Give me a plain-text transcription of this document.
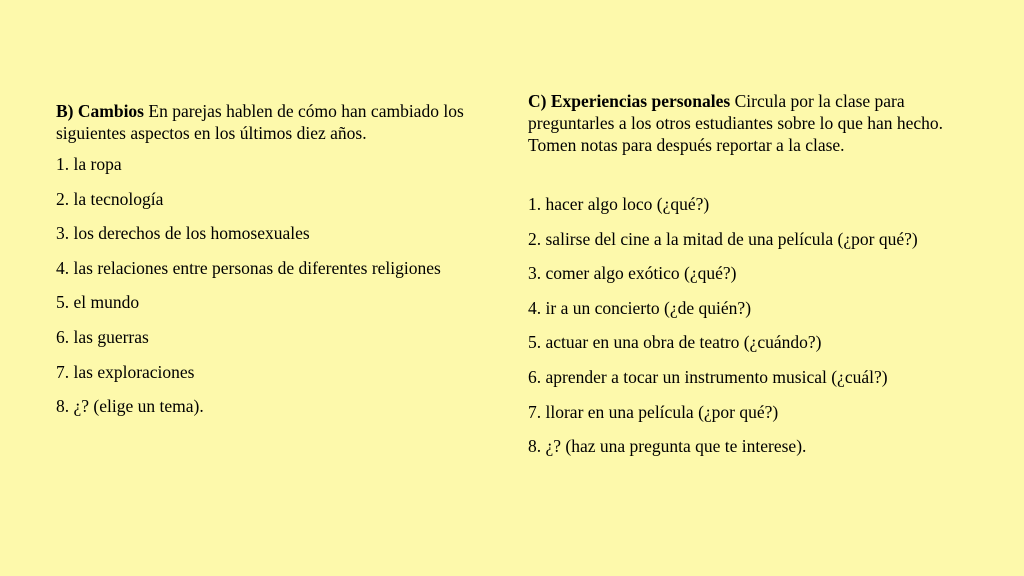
B) Cambios En parejas hablen de cómo han cambiado los siguientes aspectos en los últimos diez años.

1. la ropa
2. la tecnología
3. los derechos de los homosexuales
4. las relaciones entre personas de diferentes religiones
5. el mundo
6. las guerras
7. las exploraciones
8. ¿? (elige un tema).

C) Experiencias personales Circula por la clase para preguntarles a los otros estudiantes sobre lo que han hecho. Tomen notas para después reportar a la clase.

1. hacer algo loco (¿qué?)
2. salirse del cine a la mitad de una película (¿por qué?)
3. comer algo exótico (¿qué?)
4. ir a un concierto (¿de quién?)
5. actuar en una obra de teatro (¿cuándo?)
6. aprender a tocar un instrumento musical (¿cuál?)
7. llorar en una película (¿por qué?)
8. ¿? (haz una pregunta que te interese).
